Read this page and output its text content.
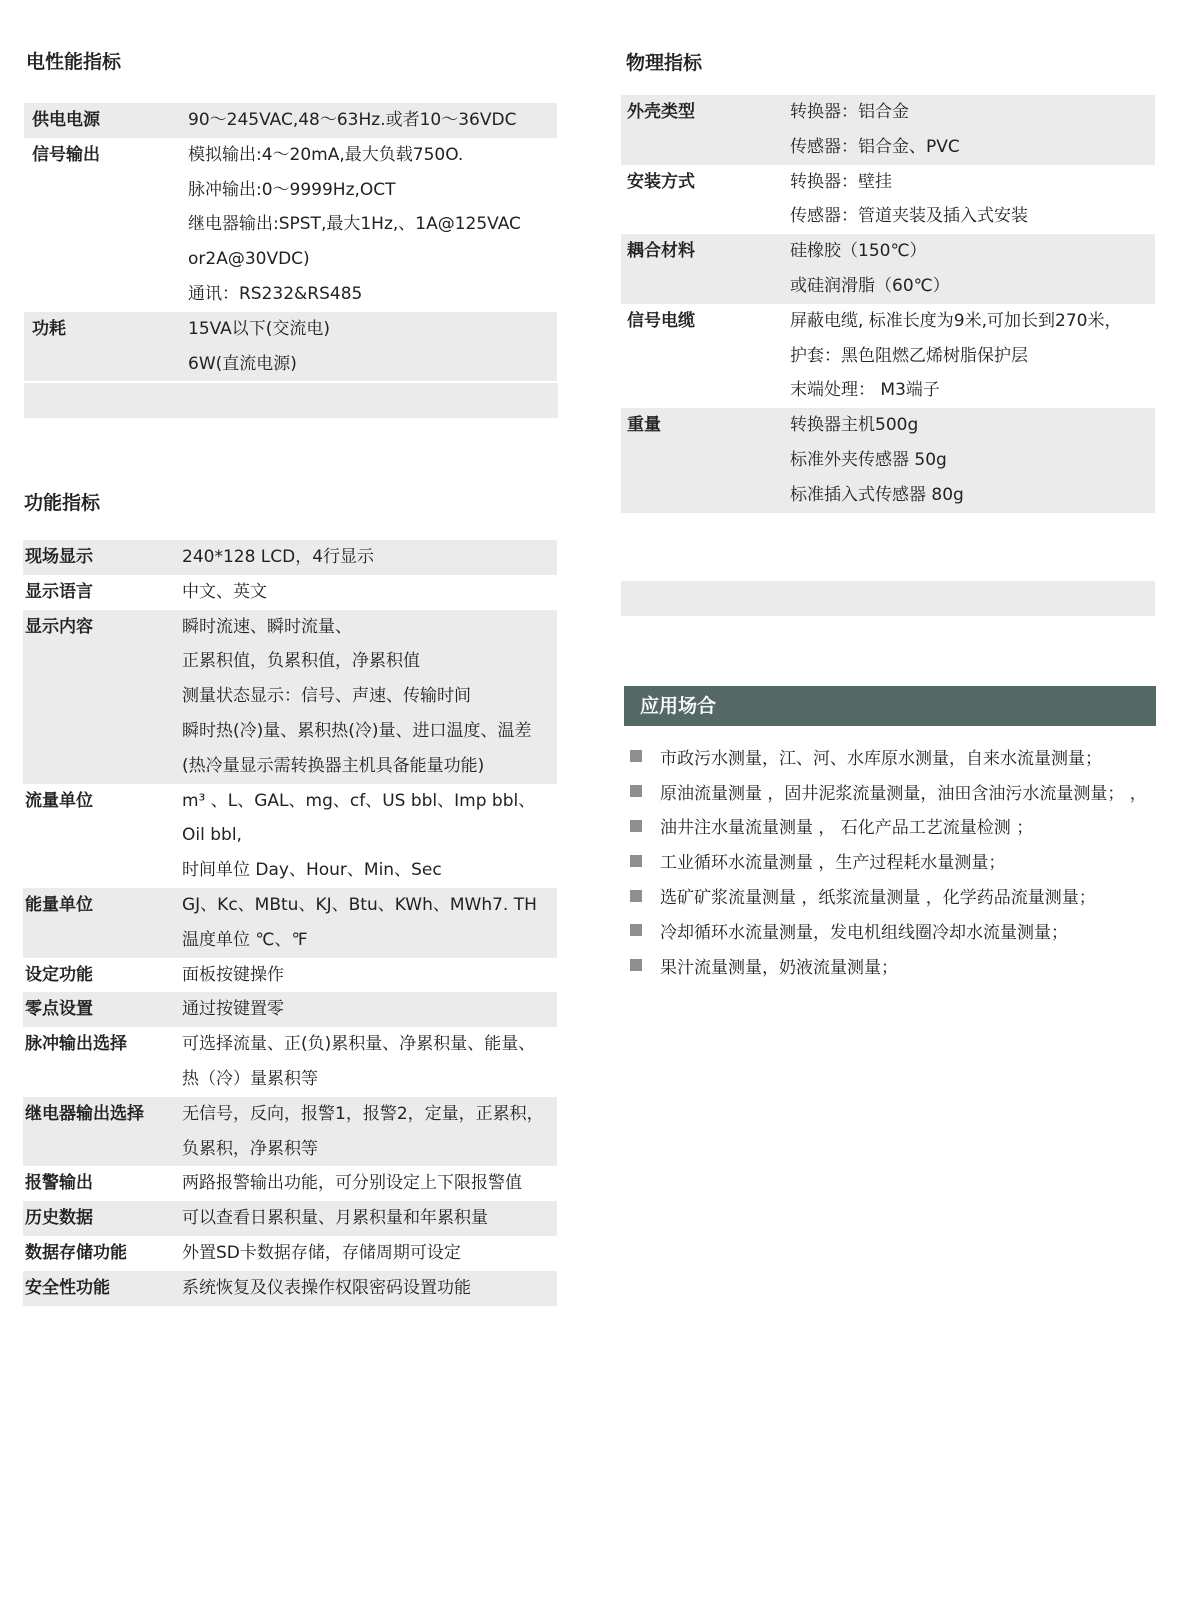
电性能指标
供电电源	90～245VAC,48～63Hz.或者10～36VDC
信号输出	模拟输出:4～20mA,最大负载750O.
脉冲输出:0～9999Hz,OCT
继电器输出:SPST,最大1Hz,、1A@125VAC
or2A@30VDC)
通讯：RS232&RS485
功耗	15VA以下(交流电)
6W(直流电源)
功能指标
现场显示	240*128 LCD，4行显示
显示语言	中文、英文
显示内容	瞬时流速、瞬时流量、
正累积值，负累积值，净累积值
测量状态显示：信号、声速、传输时间
瞬时热(冷)量、累积热(冷)量、进口温度、温差
(热冷量显示需转换器主机具备能量功能)
流量单位	m³ 、L、GAL、mg、cf、US bbl、Imp bbl、
Oil bbl,
时间单位 Day、Hour、Min、Sec
能量单位	GJ、Kc、MBtu、KJ、Btu、KWh、MWh7. TH
温度单位 ℃、℉
设定功能	面板按键操作
零点设置	通过按键置零
脉冲输出选择	可选择流量、正(负)累积量、净累积量、能量、
热（冷）量累积等
继电器输出选择	无信号，反向，报警1，报警2，定量，正累积，
负累积，净累积等
报警输出	两路报警输出功能，可分别设定上下限报警值
历史数据	可以查看日累积量、月累积量和年累积量
数据存储功能	外置SD卡数据存储，存储周期可设定
安全性功能	系统恢复及仪表操作权限密码设置功能
物理指标
外壳类型	转换器：铝合金
传感器：铝合金、PVC
安装方式	转换器：壁挂
传感器：管道夹装及插入式安装
耦合材料	硅橡胶（150℃）
或硅润滑脂（60℃）
信号电缆	屏蔽电缆, 标准长度为9米,可加长到270米，
护套：黑色阻燃乙烯树脂保护层
末端处理： M3端子
重量	转换器主机500g
标准外夹传感器 50g
标准插入式传感器 80g
应用场合
市政污水测量，江、河、水库原水测量，自来水流量测量；
原油流量测量 ，固井泥浆流量测量，油田含油污水流量测量； ，
油井注水量流量测量 ， 石化产品工艺流量检测 ；
工业循环水流量测量 ，生产过程耗水量测量；
选矿矿浆流量测量 ，纸浆流量测量 ，化学药品流量测量；
冷却循环水流量测量，发电机组线圈冷却水流量测量；
果汁流量测量，奶液流量测量；
